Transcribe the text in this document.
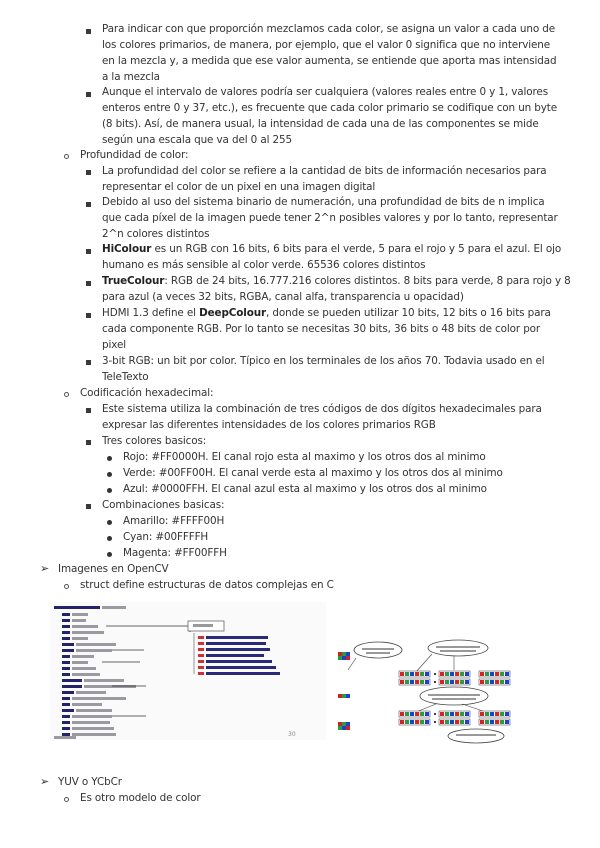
Para indicar con que proporción mezclamos cada color, se asigna un valor a cada uno de
los colores primarios, de manera, por ejemplo, que el valor 0 significa que no interviene
en la mezcla y, a medida que ese valor aumenta, se entiende que aporta mas intensidad
a la mezcla
Aunque el intervalo de valores podría ser cualquiera (valores reales entre 0 y 1, valores
enteros entre 0 y 37, etc.), es frecuente que cada color primario se codifique con un byte
(8 bits). Así, de manera usual, la intensidad de cada una de las componentes se mide
según una escala que va del 0 al 255
Profundidad de color:
La profundidad del color se refiere a la cantidad de bits de información necesarios para
representar el color de un pixel en una imagen digital
Debido al uso del sistema binario de numeración, una profundidad de bits de n implica
que cada píxel de la imagen puede tener 2^n posibles valores y por lo tanto, representar
2^n colores distintos
HiColour es un RGB con 16 bits, 6 bits para el verde, 5 para el rojo y 5 para el azul. El ojo
humano es más sensible al color verde. 65536 colores distintos
TrueColour: RGB de 24 bits, 16.777.216 colores distintos. 8 bits para verde, 8 para rojo y 8
para azul (a veces 32 bits, RGBA, canal alfa, transparencia u opacidad)
HDMI 1.3 define el DeepColour, donde se pueden utilizar 10 bits, 12 bits o 16 bits para
cada componente RGB. Por lo tanto se necesitas 30 bits, 36 bits o 48 bits de color por
pixel
3-bit RGB: un bit por color. Típico en los terminales de los años 70. Todavia usado en el
TeleTexto
Codificación hexadecimal:
Este sistema utiliza la combinación de tres códigos de dos dígitos hexadecimales para
expresar las diferentes intensidades de los colores primarios RGB
Tres colores basicos:
Rojo: #FF0000H. El canal rojo esta al maximo y los otros dos al minimo
Verde: #00FF00H. El canal verde esta al maximo y los otros dos al minimo
Azul: #0000FFH. El canal azul esta al maximo y los otros dos al minimo
Combinaciones basicas:
Amarillo: #FFFF00H
Cyan: #00FFFFH
Magenta: #FF00FFH
➢ Imagenes en OpenCV
struct define estructuras de datos complejas en C
30
➢ YUV o YCbCr
Es otro modelo de color
